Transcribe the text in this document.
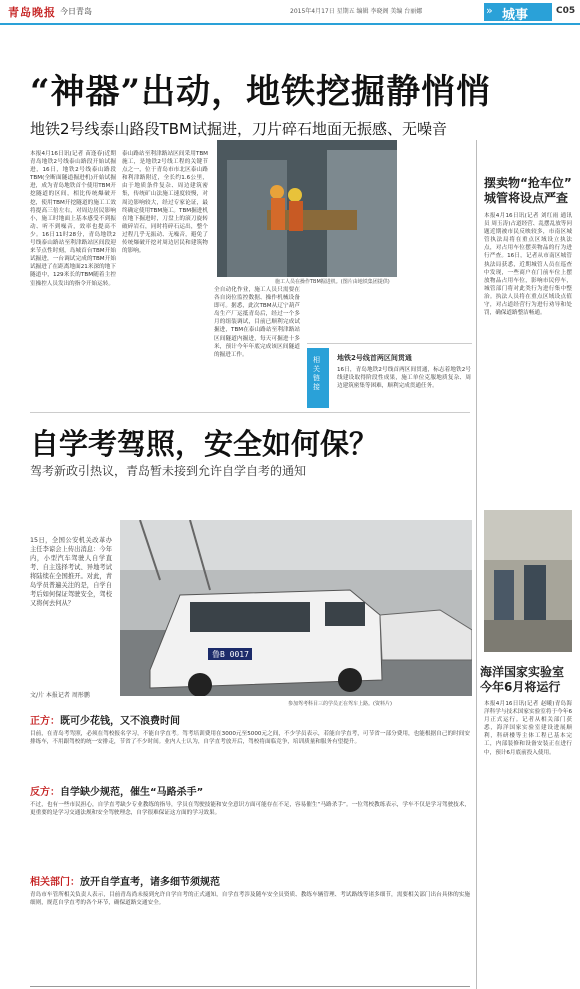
青岛晚报 今日青岛	2015年4月17日 星期五 编辑 李晓阁 美编 台丽娜	» 城事	C05
“神器”出动，地铁挖掘静悄悄
地铁2号线泰山路段TBM试掘进，刀片碎石地面无振感、无噪音
本报4月16日讯(记者 苗逢春)近期青岛地铁2号线泰山路段开始试掘进，16日，地铁2号线泰山路段TBM(全断面隧道掘进机)开始试掘进，成为青岛地铁首个使用TBM开挖隧道的区间，相比传统爆破开挖，使用TBM开挖隧道的施工工效将提高三倍左右，对周边居民影响小，施工时地面上基本感受不到振动、听不到噪音，效率也提高不少。16日11时28分，青岛地铁2号线泰山路站至利津路站区间段迎来节点性时刻，岛城首台TBM开始试掘进，一台调试完成的TBM开始试掘进了在距离地面21米深的地下隧道中，129米长的TBM随着主控室操控人员发出的指令开始运转。
泰山路站至利津路站区间采用TBM施工，是地铁2号线工程的关键节点之一，位于青岛市市北区泰山路和利津路附近，全长约1.6公里，由于地质条件复杂、周边建筑密集，传统矿山法施工速度较慢，对周边影响较大，经过专家论证，最终确定使用TBM施工。TBM掘进机在地下掘进时，刀盘上的滚刀旋转破碎岩石，同时将碎石运出，整个过程几乎无振动、无噪音，避免了传统爆破开挖对周边居民和建筑物的影响。
全自动化作业，施工人员只需要在各自岗位监控数据、操作机械设备即可。据悉，此次TBM从辽宁葫芦岛生产厂运抵青岛后，经过一个多月的组装调试，目前已顺利完成试掘进，TBM在泰山路站至利津路站区间隧道内掘进，每天可掘进十多米，预计今年年底完成该区间隧道的掘进工作。
施工人员在操作TBM掘进机。(图片由地铁集团提供)
相关链接
地铁2号线首两区间贯通
16日，青岛地铁2号线首两区间贯通，标志着地铁2号线建设取得阶段性成果，施工单位克服地质复杂、周边建筑密集等困难，顺利完成贯通任务。
摆卖物“抢车位” 城管将设点严查
本报4月16日讯(记者 刘红雨 通讯员 周玉涛)占道经营、乱摆乱放等问题近期被市民反映较多，市南区城管执法局将在重点区域设立执法点，对占用车位摆卖物品的行为进行严查。16日，记者从市南区城管执法局获悉，近期城管人员在巡查中发现，一些商户在门前车位上摆放物品占用车位，影响市民停车，城管部门将对此类行为进行集中整治。执法人员将在重点区域设点值守，对占道经营行为进行劝导和处罚，确保道路整洁畅通。
海洋国家实验室 今年6月将运行
本报4月16日讯(记者 赵曦)青岛海洋科学与技术国家实验室将于今年6月正式运行。记者从相关部门获悉，海洋国家实验室建设进展顺利，科研楼等主体工程已基本完工，内部装修和设备安装正在进行中，预计6月底前投入使用。
自学考驾照，安全如何保？
驾考新政引热议，青岛暂未接到允许自学自考的通知
15日，全国公安机关改革办主任李谅会上传出消息：今年内，小型汽车驾驶人自学直考、自主选择考试、异地考试将陆续在全国推开。对此，青岛学员普遍关注的是，自学自考后如何保证驾驶安全，驾校又将何去何从？
文/片 本报记者 周彤鹏
鲁B 0017
参加驾考科目三的学员正在驾车上路。(资料片)
正方：既可少花钱，又不浪费时间
目前，在青岛考驾照，必须在驾校报名学习，不能自学直考。驾考培训费用在3000元至5000元之间，不少学员表示，若能自学直考，可节省一部分费用，也能根据自己的时间安排练车，不用跟驾校的统一安排走，节省了不少时间。业内人士认为，自学直考放开后，驾校将面临竞争，培训质量和服务有望提升。
反方：自学缺少规范，催生“马路杀手”
不过，也有一些市民担心，自学直考缺少专业教练的指导，学员在驾驶技能和安全意识方面可能存在不足，容易催生“马路杀手”。一位驾校教练表示，学车不仅是学习驾驶技术，更重要的是学习交通法规和安全驾驶理念，自学很难保证这方面的学习效果。
相关部门：放开自学直考，诸多细节须规范
青岛市车管所相关负责人表示，目前青岛尚未接到允许自学自考的正式通知，自学直考涉及随车安全员资质、教练车辆管理、考试路线等诸多细节，需要相关部门出台具体的实施细则，规范自学直考的各个环节，确保道路交通安全。
